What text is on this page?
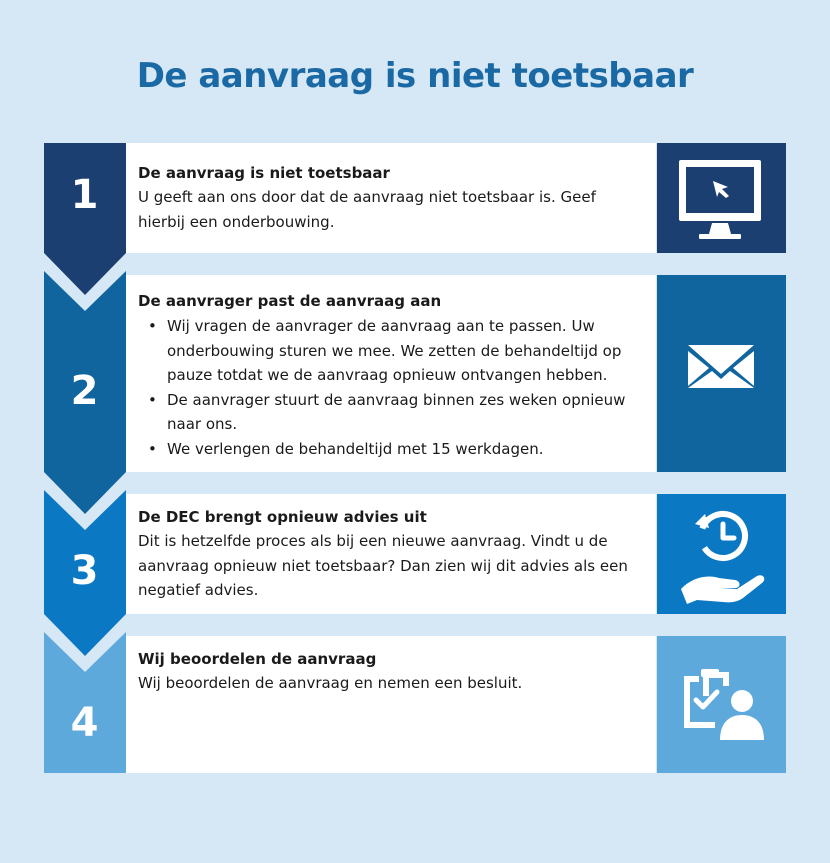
De aanvraag is niet toetsbaar
1
2
3
4
De aanvraag is niet toetsbaar
U geeft aan ons door dat de aanvraag niet toetsbaar is. Geef hierbij een onderbouwing.
De aanvrager past de aanvraag aan
• Wij vragen de aanvrager de aanvraag aan te passen. Uw onderbouwing sturen we mee. We zetten de behandeltijd op pauze totdat we de aanvraag opnieuw ontvangen hebben.
• De aanvrager stuurt de aanvraag binnen zes weken opnieuw naar ons.
• We verlengen de behandeltijd met 15 werkdagen.
De DEC brengt opnieuw advies uit
Dit is hetzelfde proces als bij een nieuwe aanvraag. Vindt u de aanvraag opnieuw niet toetsbaar? Dan zien wij dit advies als een negatief advies.
Wij beoordelen de aanvraag
Wij beoordelen de aanvraag en nemen een besluit.
